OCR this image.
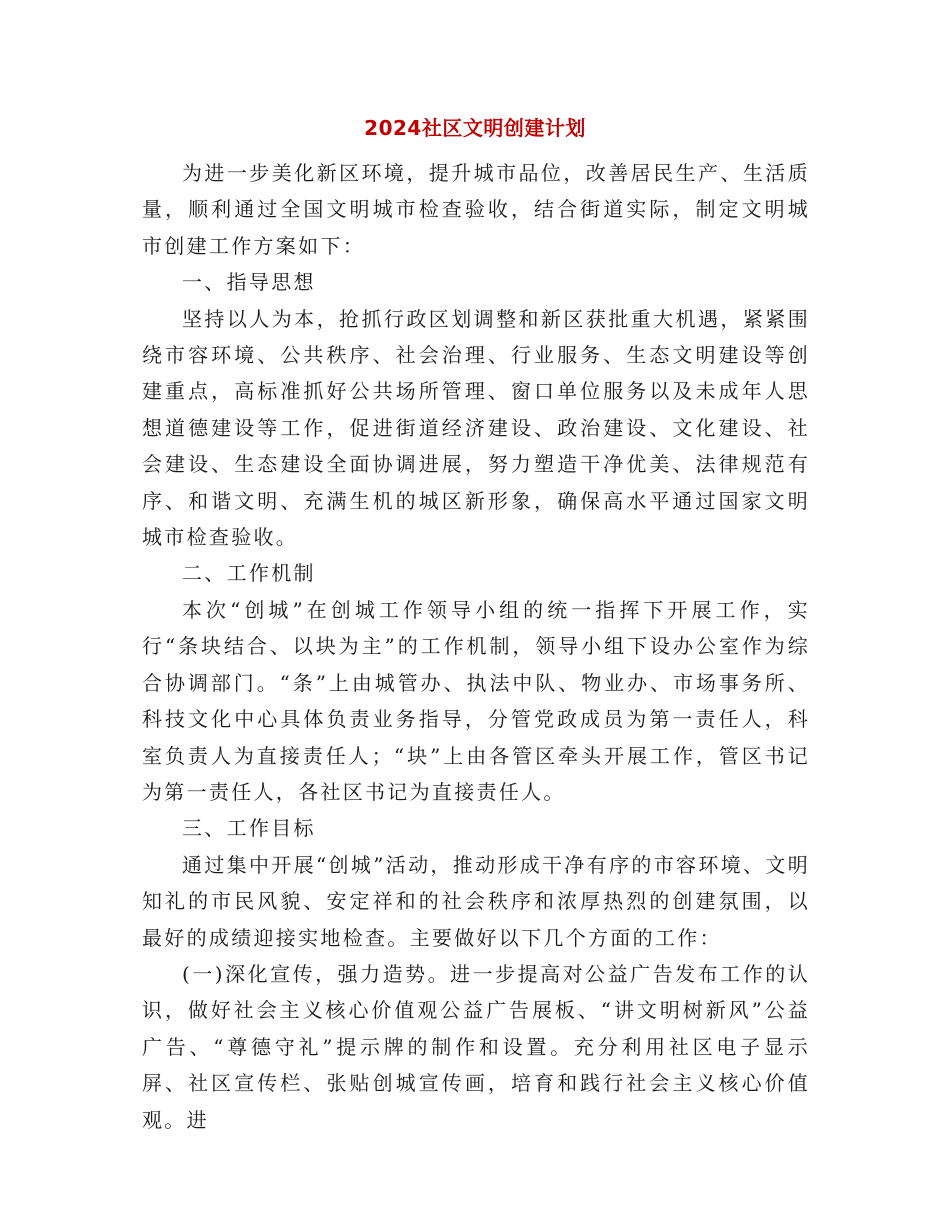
2024社区文明创建计划

为进一步美化新区环境，提升城市品位，改善居民生产、生活质量，顺利通过全国文明城市检查验收，结合街道实际，制定文明城市创建工作方案如下：

一、指导思想

坚持以人为本，抢抓行政区划调整和新区获批重大机遇，紧紧围绕市容环境、公共秩序、社会治理、行业服务、生态文明建设等创建重点，高标准抓好公共场所管理、窗口单位服务以及未成年人思想道德建设等工作，促进街道经济建设、政治建设、文化建设、社会建设、生态建设全面协调进展，努力塑造干净优美、法律规范有序、和谐文明、充满生机的城区新形象，确保高水平通过国家文明城市检查验收。

二、工作机制

本次“创城”在创城工作领导小组的统一指挥下开展工作，实行“条块结合、以块为主”的工作机制，领导小组下设办公室作为综合协调部门。“条”上由城管办、执法中队、物业办、市场事务所、科技文化中心具体负责业务指导，分管党政成员为第一责任人，科室负责人为直接责任人；“块”上由各管区牵头开展工作，管区书记为第一责任人，各社区书记为直接责任人。

三、工作目标

通过集中开展“创城”活动，推动形成干净有序的市容环境、文明知礼的市民风貌、安定祥和的社会秩序和浓厚热烈的创建氛围，以最好的成绩迎接实地检查。主要做好以下几个方面的工作：

(一)深化宣传，强力造势。进一步提高对公益广告发布工作的认识，做好社会主义核心价值观公益广告展板、“讲文明树新风”公益广告、“尊德守礼”提示牌的制作和设置。充分利用社区电子显示屏、社区宣传栏、张贴创城宣传画，培育和践行社会主义核心价值观。进
